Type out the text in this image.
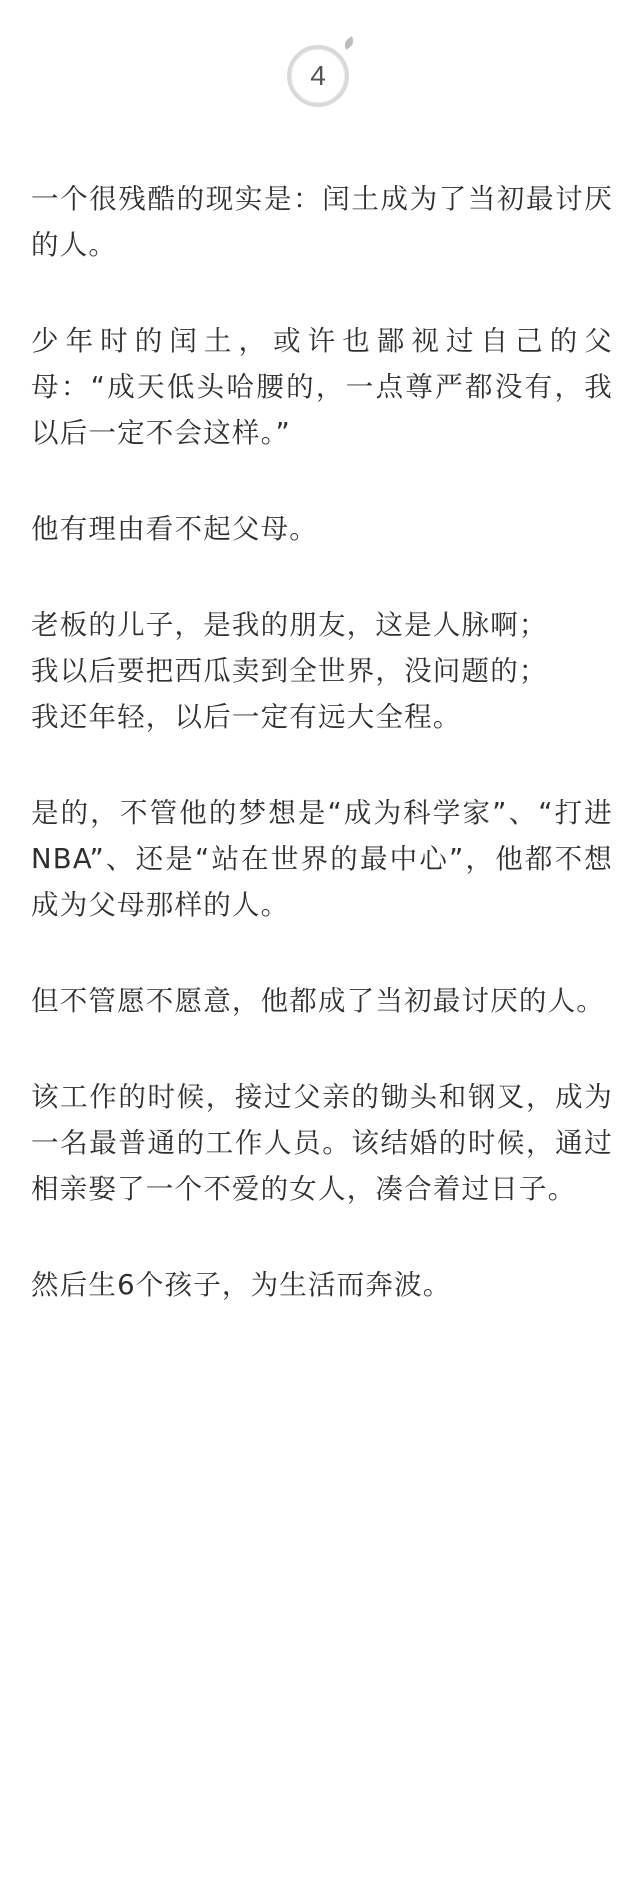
4

一个很残酷的现实是：闰土成为了当初最讨厌的人。

少年时的闰土，或许也鄙视过自己的父母：“成天低头哈腰的，一点尊严都没有，我以后一定不会这样。”

他有理由看不起父母。

老板的儿子，是我的朋友，这是人脉啊；

我以后要把西瓜卖到全世界，没问题的；

我还年轻，以后一定有远大全程。

是的，不管他的梦想是“成为科学家”、“打进NBA”、还是“站在世界的最中心”，他都不想成为父母那样的人。

但不管愿不愿意，他都成了当初最讨厌的人。

该工作的时候，接过父亲的锄头和钢叉，成为一名最普通的工作人员。该结婚的时候，通过相亲娶了一个不爱的女人，凑合着过日子。

然后生6个孩子，为生活而奔波。
